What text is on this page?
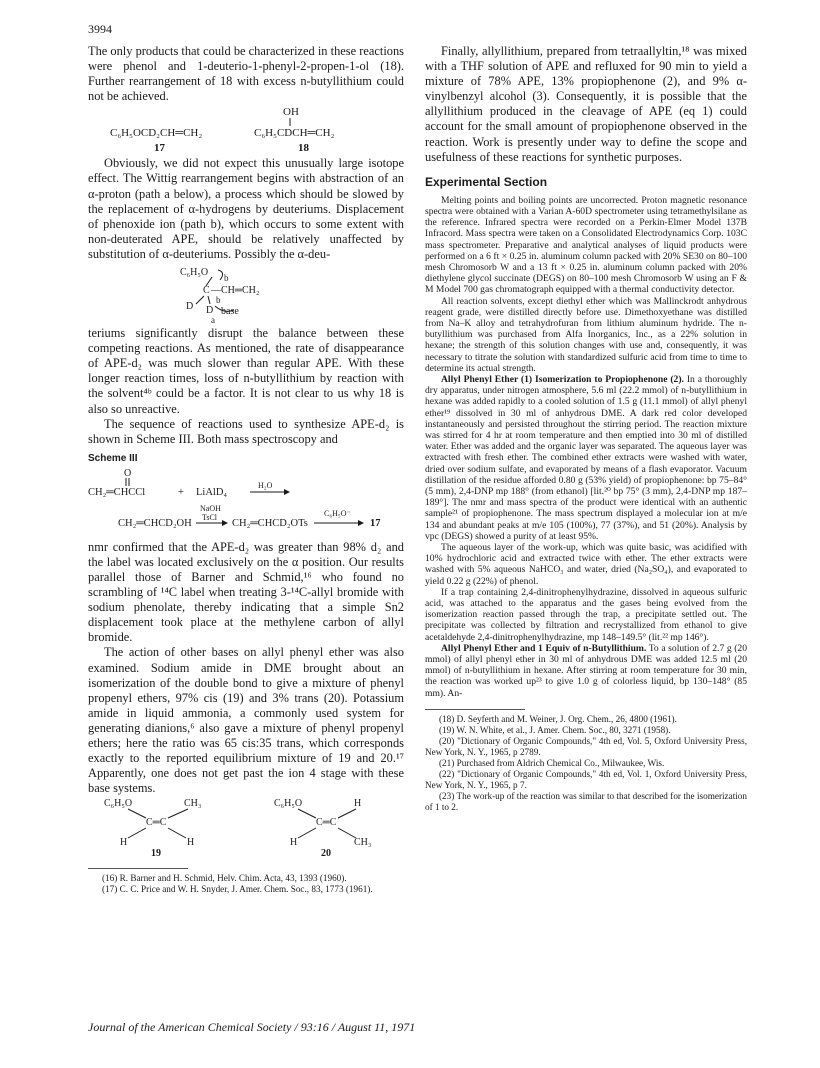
3994

The only products that could be characterized in these reactions were phenol and 1-deuterio-1-phenyl-2-propen-1-ol (18). Further rearrangement of 18 with excess n-butyllithium could not be achieved.

OH
C₆H₅OCD₂CH═CH₂	C₆H₅CDCH═CH₂
17	18

Obviously, we did not expect this unusually large isotope effect. The Wittig rearrangement begins with abstraction of an α-proton (path a below), a process which should be slowed by the replacement of α-hydrogens by deuteriums. Displacement of phenoxide ion (path b), which occurs to some extent with non-deuterated APE, should be relatively unaffected by substitution of α-deuteriums. Possibly the α-deu-

C₆H₅O b
C —CH═CH₂
D D
b
base
a

teriums significantly disrupt the balance between these competing reactions. As mentioned, the rate of disappearance of APE-d₂ was much slower than regular APE. With these longer reaction times, loss of n-butyllithium by reaction with the solvent⁴ᵇ could be a factor. It is not clear to us why 18 is also so unreactive.

The sequence of reactions used to synthesize APE-d₂ is shown in Scheme III. Both mass spectroscopy and

Scheme III
O
CH₂═CHCCl	+ LiAlD₄
H₂O
NaOH
TsCl
CH₂═CHCD₂OH	CH₂═CHCD₂OTs
C₆H₅O⁻
17

nmr confirmed that the APE-d₂ was greater than 98% d₂ and the label was located exclusively on the α position. Our results parallel those of Barner and Schmid,¹⁶ who found no scrambling of ¹⁴C label when treating 3-¹⁴C-allyl bromide with sodium phenolate, thereby indicating that a simple Sn2 displacement took place at the methylene carbon of allyl bromide.

The action of other bases on allyl phenyl ether was also examined. Sodium amide in DME brought about an isomerization of the double bond to give a mixture of phenyl propenyl ethers, 97% cis (19) and 3% trans (20). Potassium amide in liquid ammonia, a commonly used system for generating dianions,⁶ also gave a mixture of phenyl propenyl ethers; here the ratio was 65 cis:35 trans, which corresponds exactly to the reported equilibrium mixture of 19 and 20.¹⁷ Apparently, one does not get past the ion 4 stage with these base systems.

C₆H₅O	CH₃
C═C
H	H
19
C₆H₅O	H
C═C
H	CH₃
20

(16) R. Barner and H. Schmid, Helv. Chim. Acta, 43, 1393 (1960).

(17) C. C. Price and W. H. Snyder, J. Amer. Chem. Soc., 83, 1773 (1961).

Finally, allyllithium, prepared from tetraallyltin,¹⁸ was mixed with a THF solution of APE and refluxed for 90 min to yield a mixture of 78% APE, 13% propiophenone (2), and 9% α-vinylbenzyl alcohol (3). Consequently, it is possible that the allyllithium produced in the cleavage of APE (eq 1) could account for the small amount of propiophenone observed in the reaction. Work is presently under way to define the scope and usefulness of these reactions for synthetic purposes.

Experimental Section

Melting points and boiling points are uncorrected. Proton magnetic resonance spectra were obtained with a Varian A-60D spectrometer using tetramethylsilane as the reference. Infrared spectra were recorded on a Perkin-Elmer Model 137B Infracord. Mass spectra were taken on a Consolidated Electrodynamics Corp. 103C mass spectrometer. Preparative and analytical analyses of liquid products were performed on a 6 ft × 0.25 in. aluminum column packed with 20% SE30 on 80–100 mesh Chromosorb W and a 13 ft × 0.25 in. aluminum column packed with 20% diethylene glycol succinate (DEGS) on 80–100 mesh Chromosorb W using an F & M Model 700 gas chromatograph equipped with a thermal conductivity detector.

All reaction solvents, except diethyl ether which was Mallinckrodt anhydrous reagent grade, were distilled directly before use. Dimethoxyethane was distilled from Na–K alloy and tetrahydrofuran from lithium aluminum hydride. The n-butyllithium was purchased from Alfa Inorganics, Inc., as a 22% solution in hexane; the strength of this solution changes with use and, consequently, it was necessary to titrate the solution with standardized sulfuric acid from time to time to determine its actual strength.

Allyl Phenyl Ether (1) Isomerization to Propiophenone (2). In a thoroughly dry apparatus, under nitrogen atmosphere, 5.6 ml (22.2 mmol) of n-butyllithium in hexane was added rapidly to a cooled solution of 1.5 g (11.1 mmol) of allyl phenyl ether¹⁹ dissolved in 30 ml of anhydrous DME. A dark red color developed instantaneously and persisted throughout the stirring period. The reaction mixture was stirred for 4 hr at room temperature and then emptied into 30 ml of distilled water. Ether was added and the organic layer was separated. The aqueous layer was extracted with fresh ether. The combined ether extracts were washed with water, dried over sodium sulfate, and evaporated by means of a flash evaporator. Vacuum distillation of the residue afforded 0.80 g (53% yield) of propiophenone: bp 75–84° (5 mm), 2,4-DNP mp 188° (from ethanol) [lit.²⁰ bp 75° (3 mm), 2,4-DNP mp 187–189°]. The nmr and mass spectra of the product were identical with an authentic sample²¹ of propiophenone. The mass spectrum displayed a molecular ion at m/e 134 and abundant peaks at m/e 105 (100%), 77 (37%), and 51 (20%). Analysis by vpc (DEGS) showed a purity of at least 95%.

The aqueous layer of the work-up, which was quite basic, was acidified with 10% hydrochloric acid and extracted twice with ether. The ether extracts were washed with 5% aqueous NaHCO₃ and water, dried (Na₂SO₄), and evaporated to yield 0.22 g (22%) of phenol.

If a trap containing 2,4-dinitrophenylhydrazine, dissolved in aqueous sulfuric acid, was attached to the apparatus and the gases being evolved from the isomerization reaction passed through the trap, a precipitate settled out. The precipitate was collected by filtration and recrystallized from ethanol to give acetaldehyde 2,4-dinitrophenylhydrazine, mp 148–149.5° (lit.²² mp 146°).

Allyl Phenyl Ether and 1 Equiv of n-Butyllithium. To a solution of 2.7 g (20 mmol) of allyl phenyl ether in 30 ml of anhydrous DME was added 12.5 ml (20 mmol) of n-butyllithium in hexane. After stirring at room temperature for 30 min, the reaction was worked up²³ to give 1.0 g of colorless liquid, bp 130–148° (85 mm). An-

(18) D. Seyferth and M. Weiner, J. Org. Chem., 26, 4800 (1961).

(19) W. N. White, et al., J. Amer. Chem. Soc., 80, 3271 (1958).

(20) "Dictionary of Organic Compounds," 4th ed, Vol. 5, Oxford University Press, New York, N. Y., 1965, p 2789.

(21) Purchased from Aldrich Chemical Co., Milwaukee, Wis.

(22) "Dictionary of Organic Compounds," 4th ed, Vol. 1, Oxford University Press, New York, N. Y., 1965, p 7.

(23) The work-up of the reaction was similar to that described for the isomerization of 1 to 2.

Journal of the American Chemical Society / 93:16 / August 11, 1971
